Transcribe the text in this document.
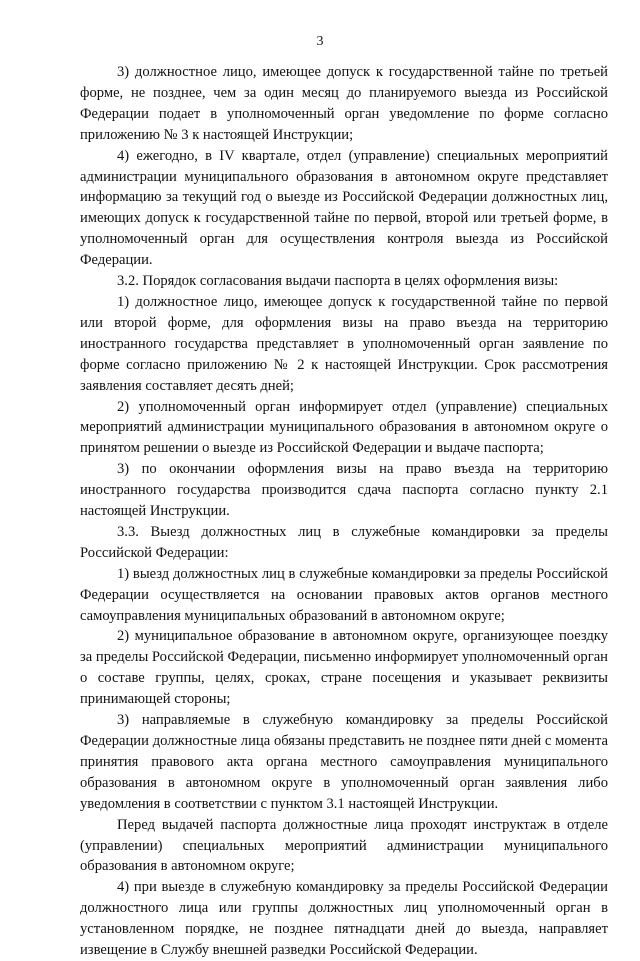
3

3) должностное лицо, имеющее допуск к государственной тайне по третьей форме, не позднее, чем за один месяц до планируемого выезда из Российской Федерации подает в уполномоченный орган уведомление по форме согласно приложению № 3 к настоящей Инструкции;

4) ежегодно, в IV квартале, отдел (управление) специальных мероприятий администрации муниципального образования в автономном округе представляет информацию за текущий год о выезде из Российской Федерации должностных лиц, имеющих допуск к государственной тайне по первой, второй или третьей форме, в уполномоченный орган для осуществления контроля выезда из Российской Федерации.

3.2. Порядок согласования выдачи паспорта в целях оформления визы:

1) должностное лицо, имеющее допуск к государственной тайне по первой или второй форме, для оформления визы на право въезда на территорию иностранного государства представляет в уполномоченный орган заявление по форме согласно приложению № 2 к настоящей Инструкции. Срок рассмотрения заявления составляет десять дней;

2) уполномоченный орган информирует отдел (управление) специальных мероприятий администрации муниципального образования в автономном округе о принятом решении о выезде из Российской Федерации и выдаче паспорта;

3) по окончании оформления визы на право въезда на территорию иностранного государства производится сдача паспорта согласно пункту 2.1 настоящей Инструкции.

3.3. Выезд должностных лиц в служебные командировки за пределы Российской Федерации:

1) выезд должностных лиц в служебные командировки за пределы Российской Федерации осуществляется на основании правовых актов органов местного самоуправления муниципальных образований в автономном округе;

2) муниципальное образование в автономном округе, организующее поездку за пределы Российской Федерации, письменно информирует уполномоченный орган о составе группы, целях, сроках, стране посещения и указывает реквизиты принимающей стороны;

3) направляемые в служебную командировку за пределы Российской Федерации должностные лица обязаны представить не позднее пяти дней с момента принятия правового акта органа местного самоуправления муниципального образования в автономном округе в уполномоченный орган заявления либо уведомления в соответствии с пунктом 3.1 настоящей Инструкции.

Перед выдачей паспорта должностные лица проходят инструктаж в отделе (управлении) специальных мероприятий администрации муниципального образования в автономном округе;

4) при выезде в служебную командировку за пределы Российской Федерации должностного лица или группы должностных лиц уполномоченный орган в установленном порядке, не позднее пятнадцати дней до выезда, направляет извещение в Службу внешней разведки Российской Федерации.
